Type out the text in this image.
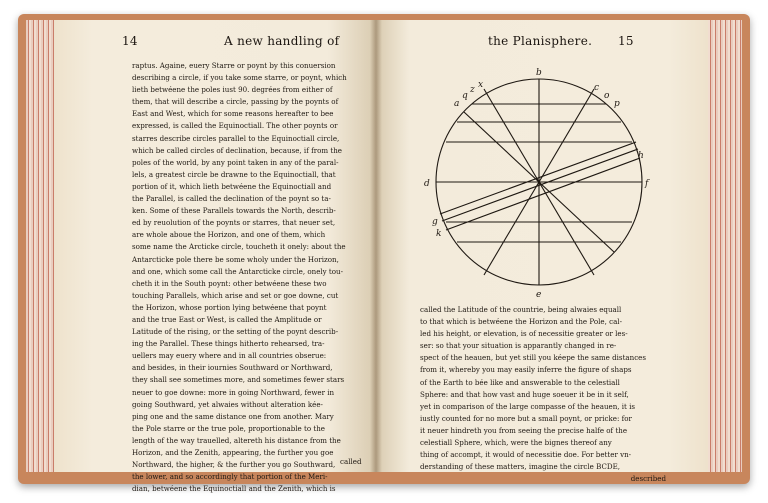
14	A new handling of
raptus. Againe, euery Starre or poynt by this conuersion
describing a circle, if you take some starre, or poynt, which
lieth betwéene the poles iust 90. degrées from either of
them, that will describe a circle, passing by the poynts of
East and West, which for some reasons hereafter to bee
expressed, is called the Equinoctiall. The other poynts or
starres describe circles parallel to the Equinoctiall circle,
which be called circles of declination, because, if from the
poles of the world, by any point taken in any of the paral-
lels, a greatest circle be drawne to the Equinoctiall, that
portion of it, which lieth betwéene the Equinoctiall and
the Parallel, is called the declination of the poynt so ta-
ken. Some of these Parallels towards the North, describ-
ed by reuolution of the poynts or starres, that neuer set,
are whole aboue the Horizon, and one of them, which
some name the Arcticke circle, toucheth it onely: about the
Antarcticke pole there be some wholy under the Horizon,
and one, which some call the Antarcticke circle, onely tou-
cheth it in the South poynt: other betwéene these two
touching Parallels, which arise and set or goe downe, cut
the Horizon, whose portion lying betwéene that poynt
and the true East or West, is called the Amplitude or
Latitude of the rising, or the setting of the poynt describ-
ing the Parallel. These things hitherto rehearsed, tra-
uellers may euery where and in all countries obserue:
and besides, in their iournies Southward or Northward,
they shall see sometimes more, and sometimes fewer stars
neuer to goe downe: more in going Northward, fewer in
going Southward, yet alwaies without alteration kée-
ping one and the same distance one from another. Mary
the Pole starre or the true pole, proportionable to the
length of the way trauelled, altereth his distance from the
Horizon, and the Zenith, appearing, the further you goe
Northward, the higher, & the further you go Southward,
the lower, and so accordingly that portion of the Meri-
dian, betwéene the Equinoctiall and the Zenith, which is
called
the Planisphere. 15
b
d	f
e
a
q
z x	c
o
p
g
k
h
called the Latitude of the countrie, being alwaies equall
to that which is betwéene the Horizon and the Pole, cal-
led his height, or elevation, is of necessitie greater or les-
ser: so that your situation is apparantly changed in re-
spect of the heauen, but yet still you kéepe the same distances
from it, whereby you may easily inferre the figure of shaps
of the Earth to bée like and answerable to the celestiall
Sphere: and that how vast and huge soeuer it be in it self,
yet in comparison of the large compasse of the heauen, it is
iustly counted for no more but a small poynt, or pricke: for
it neuer hindreth you from seeing the precise halfe of the
celestiall Sphere, which, were the bignes thereof any
thing of accompt, it would of necessitie doe. For better vn-
derstanding of these matters, imagine the circle BCDE,
described
